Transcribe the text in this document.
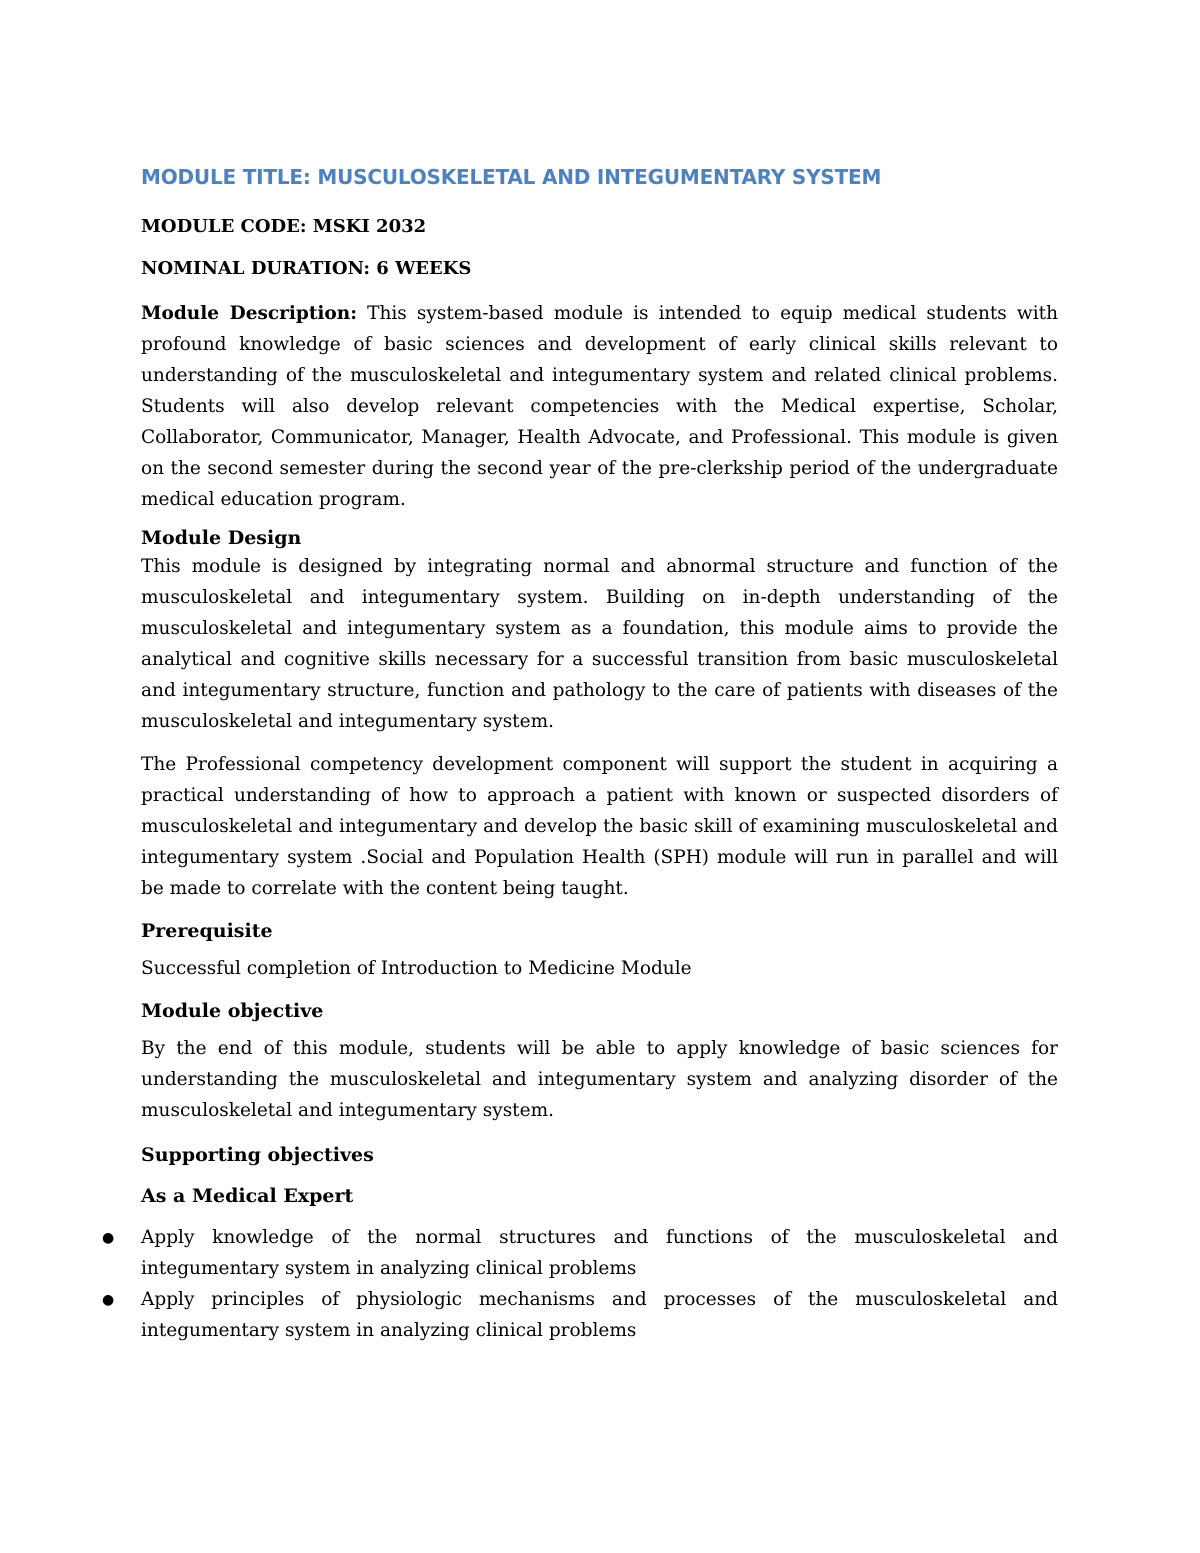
MODULE TITLE: MUSCULOSKELETAL AND INTEGUMENTARY SYSTEM
MODULE CODE: MSKI 2032
NOMINAL DURATION: 6 WEEKS

Module Description: This system-based module is intended to equip medical students with profound knowledge of basic sciences and development of early clinical skills relevant to understanding of the musculoskeletal and integumentary system and related clinical problems. Students will also develop relevant competencies with the Medical expertise, Scholar, Collaborator, Communicator, Manager, Health Advocate, and Professional. This module is given on the second semester during the second year of the pre-clerkship period of the undergraduate medical education program.

Module Design

This module is designed by integrating normal and abnormal structure and function of the musculoskeletal and integumentary system. Building on in-depth understanding of the musculoskeletal and integumentary system as a foundation, this module aims to provide the analytical and cognitive skills necessary for a successful transition from basic musculoskeletal and integumentary structure, function and pathology to the care of patients with diseases of the musculoskeletal and integumentary system.

The Professional competency development component will support the student in acquiring a practical understanding of how to approach a patient with known or suspected disorders of musculoskeletal and integumentary and develop the basic skill of examining musculoskeletal and integumentary system .Social and Population Health (SPH) module will run in parallel and will be made to correlate with the content being taught.

Prerequisite

Successful completion of Introduction to Medicine Module

Module objective

By the end of this module, students will be able to apply knowledge of basic sciences for understanding the musculoskeletal and integumentary system and analyzing disorder of the musculoskeletal and integumentary system.

Supporting objectives
As a Medical Expert
● Apply knowledge of the normal structures and functions of the musculoskeletal and integumentary system in analyzing clinical problems
● Apply principles of physiologic mechanisms and processes of the musculoskeletal and integumentary system in analyzing clinical problems
